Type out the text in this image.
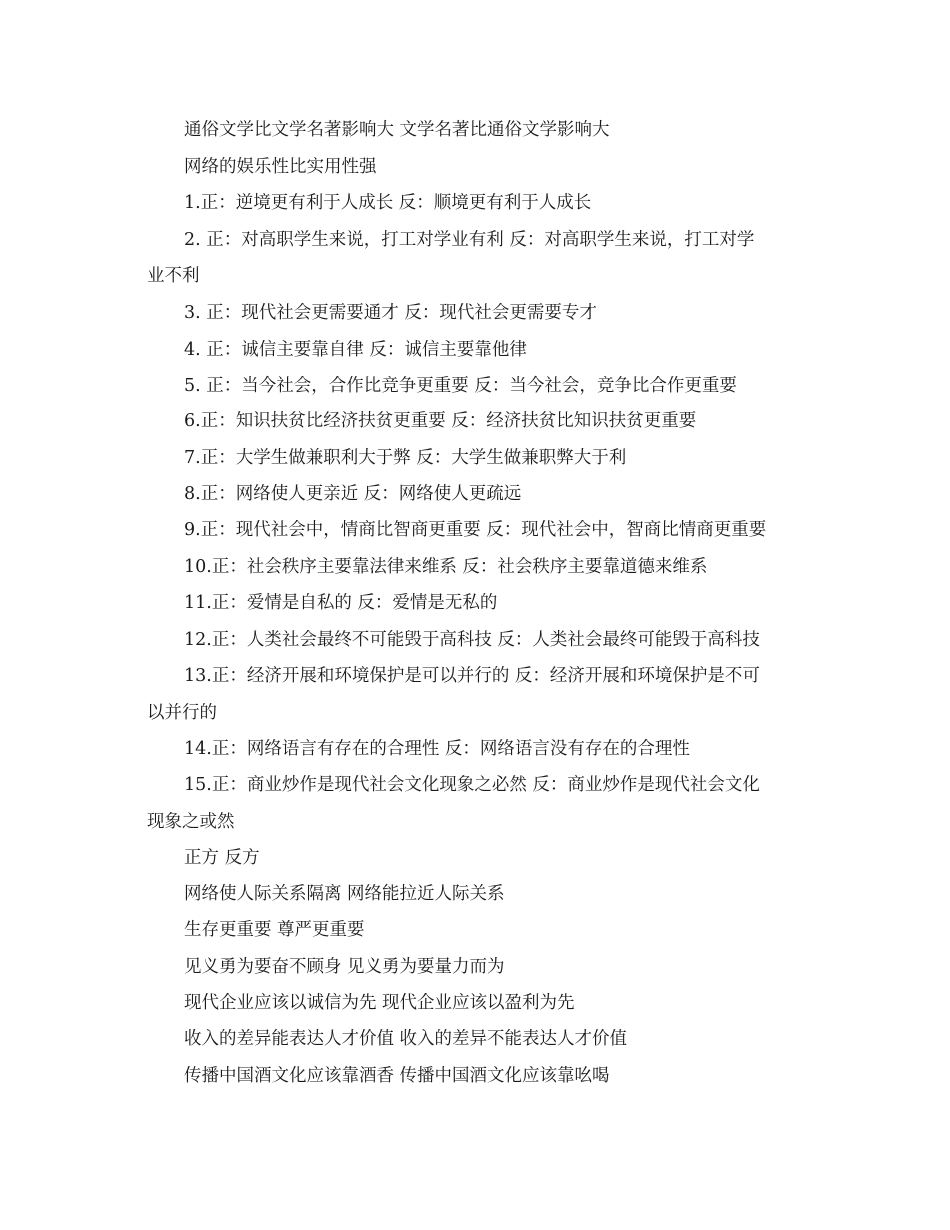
通俗文学比文学名著影响大 文学名著比通俗文学影响大
网络的娱乐性比实用性强
1.正：逆境更有利于人成长 反：顺境更有利于人成长
2. 正：对高职学生来说，打工对学业有利 反：对高职学生来说，打工对学
业不利
3. 正：现代社会更需要通才 反：现代社会更需要专才
4. 正：诚信主要靠自律 反：诚信主要靠他律
5. 正：当今社会，合作比竞争更重要 反：当今社会，竞争比合作更重要
6.正：知识扶贫比经济扶贫更重要 反：经济扶贫比知识扶贫更重要
7.正：大学生做兼职利大于弊 反：大学生做兼职弊大于利
8.正：网络使人更亲近 反：网络使人更疏远
9.正：现代社会中，情商比智商更重要 反：现代社会中，智商比情商更重要
10.正：社会秩序主要靠法律来维系 反：社会秩序主要靠道德来维系
11.正：爱情是自私的 反：爱情是无私的
12.正：人类社会最终不可能毁于高科技 反：人类社会最终可能毁于高科技
13.正：经济开展和环境保护是可以并行的 反：经济开展和环境保护是不可
以并行的
14.正：网络语言有存在的合理性 反：网络语言没有存在的合理性
15.正：商业炒作是现代社会文化现象之必然 反：商业炒作是现代社会文化
现象之或然
正方 反方
网络使人际关系隔离 网络能拉近人际关系
生存更重要 尊严更重要
见义勇为要奋不顾身 见义勇为要量力而为
现代企业应该以诚信为先 现代企业应该以盈利为先
收入的差异能表达人才价值 收入的差异不能表达人才价值
传播中国酒文化应该靠酒香 传播中国酒文化应该靠吆喝
